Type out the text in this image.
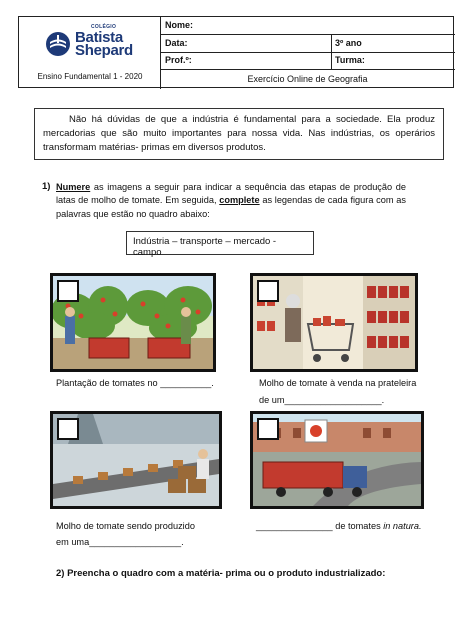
COLÉGIO
Batista
Shepard
Ensino Fundamental 1 - 2020
Nome:
Data:	3º ano
Prof.º:	Turma:
Exercício Online de Geografia
Não há dúvidas de que a indústria é fundamental para a sociedade. Ela produz mercadorias que são muito importantes para nossa vida. Nas indústrias, os operários transformam matérias- primas em diversos produtos.
1) Numere as imagens a seguir para indicar a sequência das etapas de produção de latas de molho de tomate. Em seguida, complete as legendas de cada figura com as palavras que estão no quadro abaixo:
Indústria – transporte – mercado - campo
Plantação de tomates no __________.	Molho de tomate à venda na prateleira
de um___________________.
Molho de tomate sendo produzido
em uma__________________.
_______________ de tomates in natura.
2) Preencha o quadro com a matéria- prima ou o produto industrializado:
